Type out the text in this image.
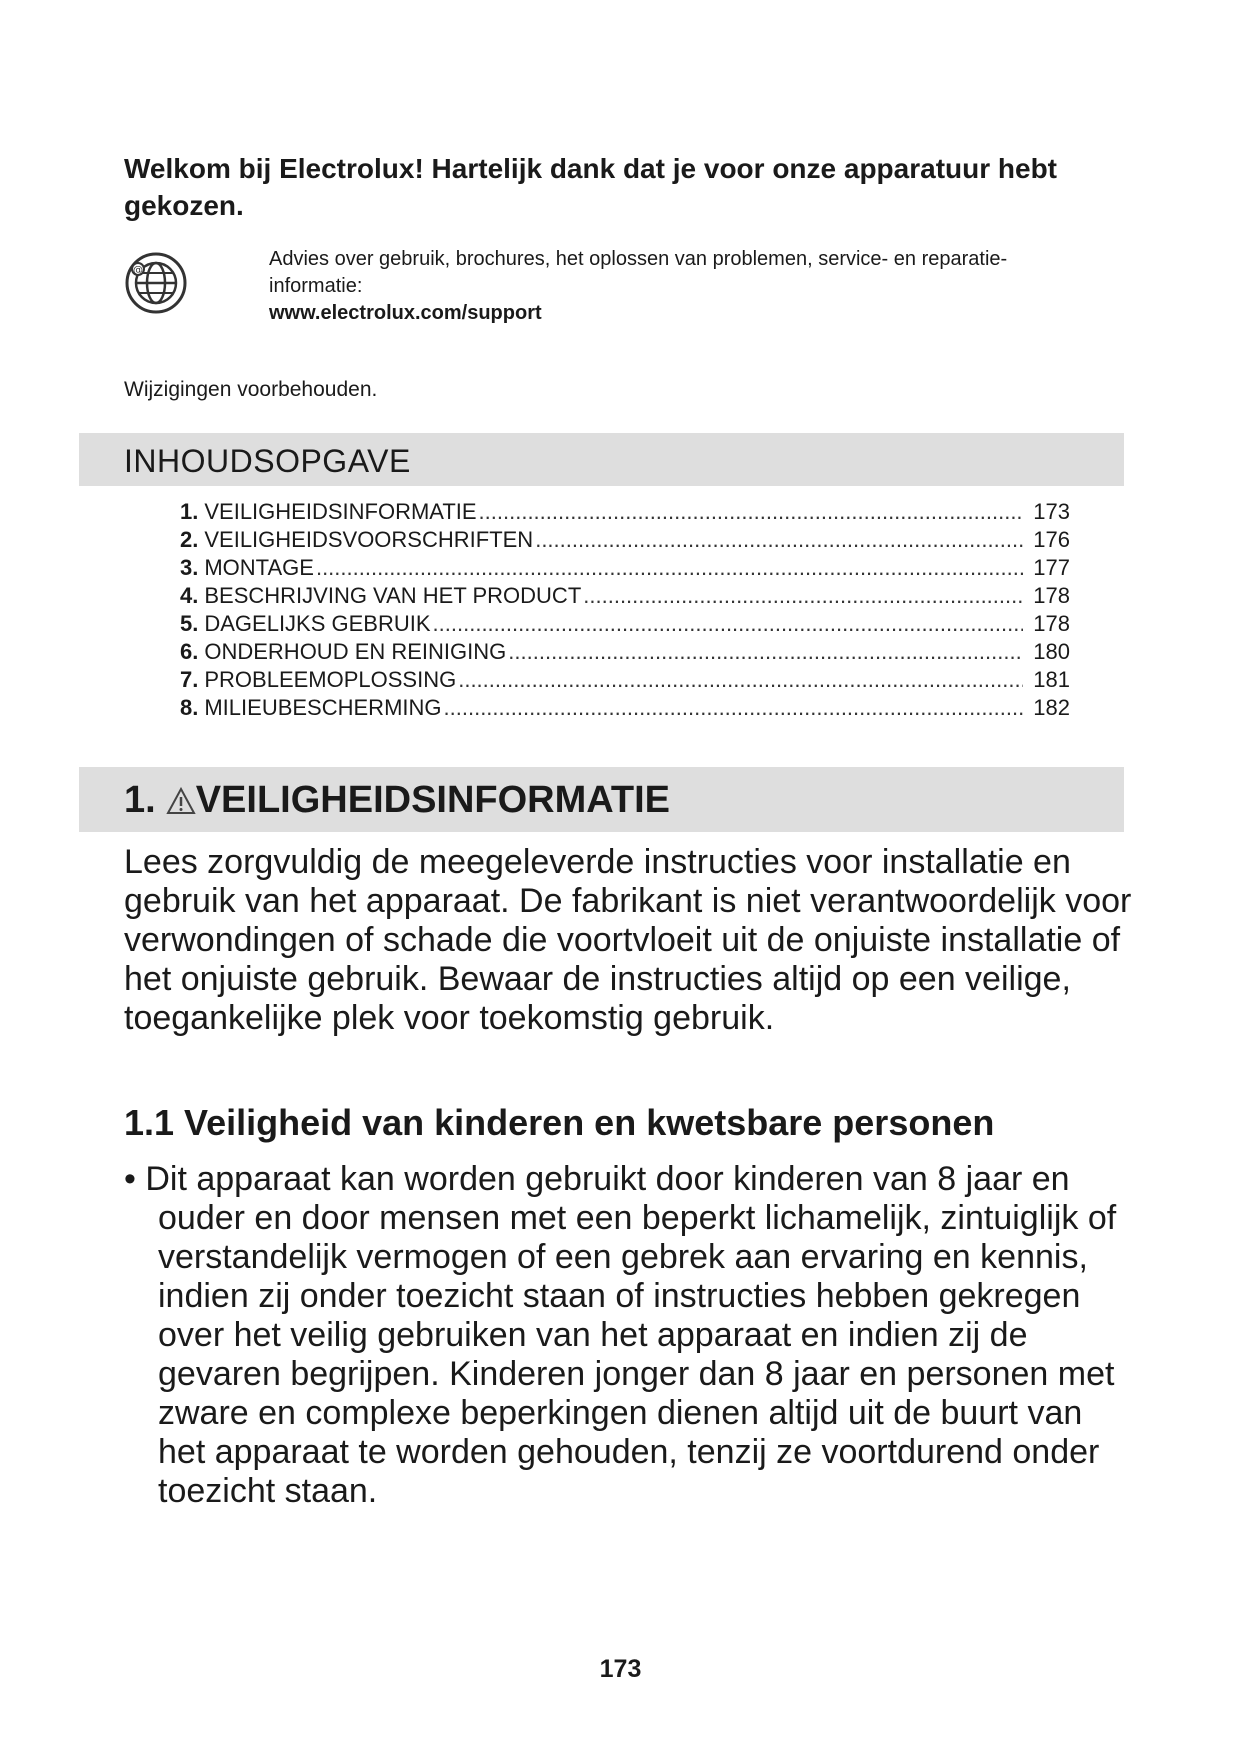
Welkom bij Electrolux! Hartelijk dank dat je voor onze apparatuur hebt gekozen.
@
Advies over gebruik, brochures, het oplossen van problemen, service- en reparatie-informatie:
www.electrolux.com/support
Wijzigingen voorbehouden.
INHOUDSOPGAVE
1. VEILIGHEIDSINFORMATIE .....	173
2. VEILIGHEIDSVOORSCHRIFTEN .....	176
3. MONTAGE .....	177
4. BESCHRIJVING VAN HET PRODUCT .....	178
5. DAGELIJKS GEBRUIK .....	178
6. ONDERHOUD EN REINIGING .....	180
7. PROBLEEMOPLOSSING .....	181
8. MILIEUBESCHERMING .....	182
1. VEILIGHEIDSINFORMATIE

Lees zorgvuldig de meegeleverde instructies voor installatie en gebruik van het apparaat. De fabrikant is niet verantwoordelijk voor verwondingen of schade die voortvloeit uit de onjuiste installatie of het onjuiste gebruik. Bewaar de instructies altijd op een veilige, toegankelijke plek voor toekomstig gebruik.

1.1 Veiligheid van kinderen en kwetsbare personen

• Dit apparaat kan worden gebruikt door kinderen van 8 jaar en ouder en door mensen met een beperkt lichamelijk, zintuiglijk of verstandelijk vermogen of een gebrek aan ervaring en kennis, indien zij onder toezicht staan of instructies hebben gekregen over het veilig gebruiken van het apparaat en indien zij de gevaren begrijpen. Kinderen jonger dan 8 jaar en personen met zware en complexe beperkingen dienen altijd uit de buurt van het apparaat te worden gehouden, tenzij ze voortdurend onder toezicht staan.

173
